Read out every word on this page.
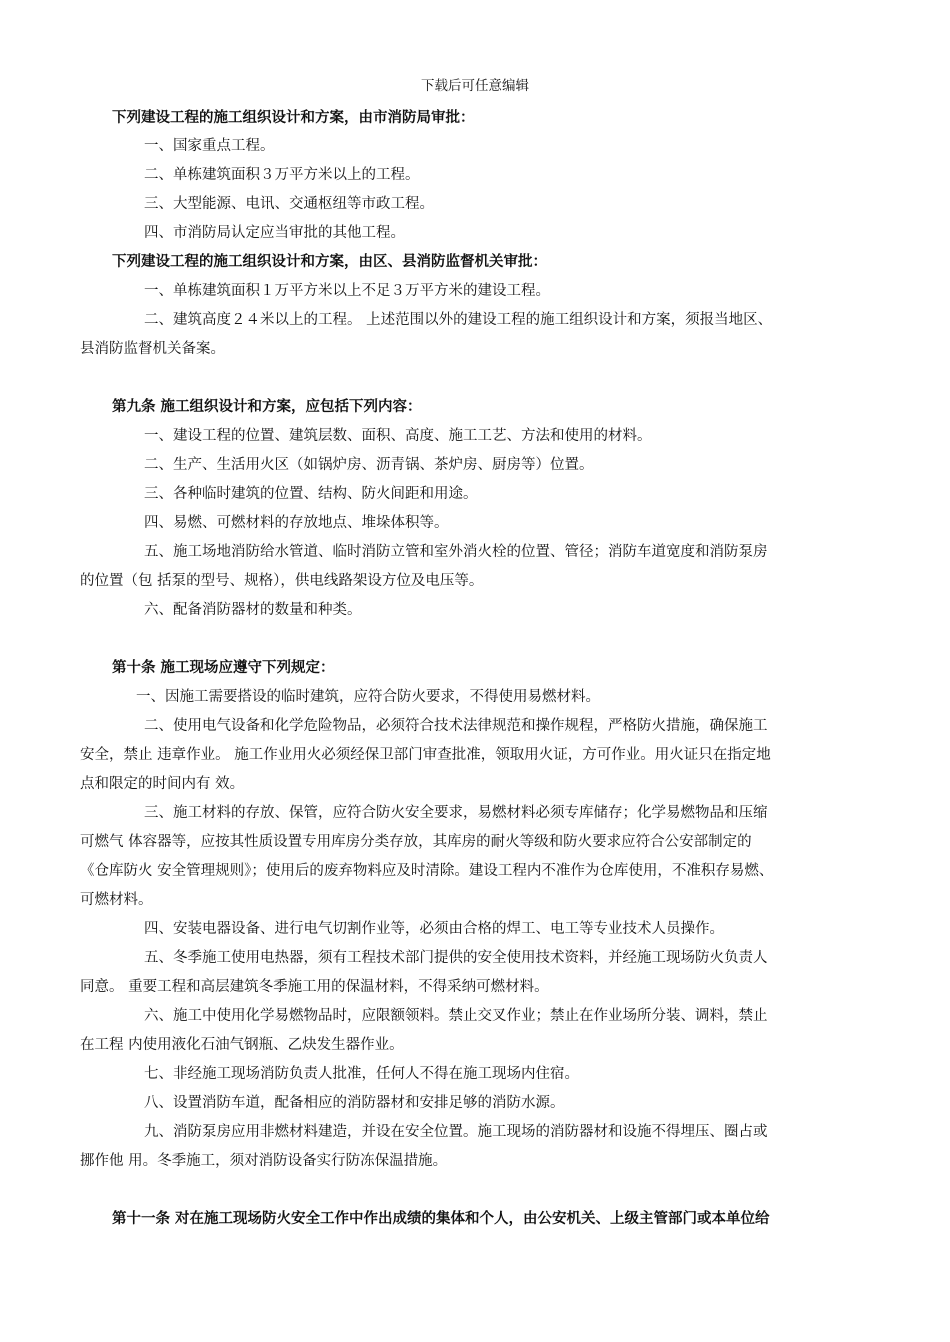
下载后可任意编辑
下列建设工程的施工组织设计和方案，由市消防局审批：
一、国家重点工程。
二、单栋建筑面积３万平方米以上的工程。
三、大型能源、电讯、交通枢纽等市政工程。
四、市消防局认定应当审批的其他工程。
下列建设工程的施工组织设计和方案，由区、县消防监督机关审批：
一、单栋建筑面积１万平方米以上不足３万平方米的建设工程。
二、建筑高度２４米以上的工程。 上述范围以外的建设工程的施工组织设计和方案，须报当地区、
县消防监督机关备案。
第九条 施工组织设计和方案，应包括下列内容：
一、建设工程的位置、建筑层数、面积、高度、施工工艺、方法和使用的材料。
二、生产、生活用火区（如锅炉房、沥青锅、茶炉房、厨房等）位置。
三、各种临时建筑的位置、结构、防火间距和用途。
四、易燃、可燃材料的存放地点、堆垛体积等。
五、施工场地消防给水管道、临时消防立管和室外消火栓的位置、管径；消防车道宽度和消防泵房
的位置（包 括泵的型号、规格），供电线路架设方位及电压等。
六、配备消防器材的数量和种类。
第十条 施工现场应遵守下列规定：
一、因施工需要搭设的临时建筑，应符合防火要求，不得使用易燃材料。
二、使用电气设备和化学危险物品，必须符合技术法律规范和操作规程，严格防火措施，确保施工
安全，禁止 违章作业。 施工作业用火必须经保卫部门审查批准，领取用火证，方可作业。用火证只在指定地
点和限定的时间内有 效。
三、施工材料的存放、保管，应符合防火安全要求，易燃材料必须专库储存；化学易燃物品和压缩
可燃气 体容器等，应按其性质设置专用库房分类存放，其库房的耐火等级和防火要求应符合公安部制定的
《仓库防火 安全管理规则》；使用后的废弃物料应及时清除。建设工程内不准作为仓库使用，不准积存易燃、
可燃材料。
四、安装电器设备、进行电气切割作业等，必须由合格的焊工、电工等专业技术人员操作。
五、冬季施工使用电热器，须有工程技术部门提供的安全使用技术资料，并经施工现场防火负责人
同意。 重要工程和高层建筑冬季施工用的保温材料，不得采纳可燃材料。
六、施工中使用化学易燃物品时，应限额领料。禁止交叉作业；禁止在作业场所分装、调料，禁止
在工程 内使用液化石油气钢瓶、乙炔发生器作业。
七、非经施工现场消防负责人批准，任何人不得在施工现场内住宿。
八、设置消防车道，配备相应的消防器材和安排足够的消防水源。
九、消防泵房应用非燃材料建造，并设在安全位置。施工现场的消防器材和设施不得埋压、圈占或
挪作他 用。冬季施工，须对消防设备实行防冻保温措施。
第十一条 对在施工现场防火安全工作中作出成绩的集体和个人，由公安机关、上级主管部门或本单位给
